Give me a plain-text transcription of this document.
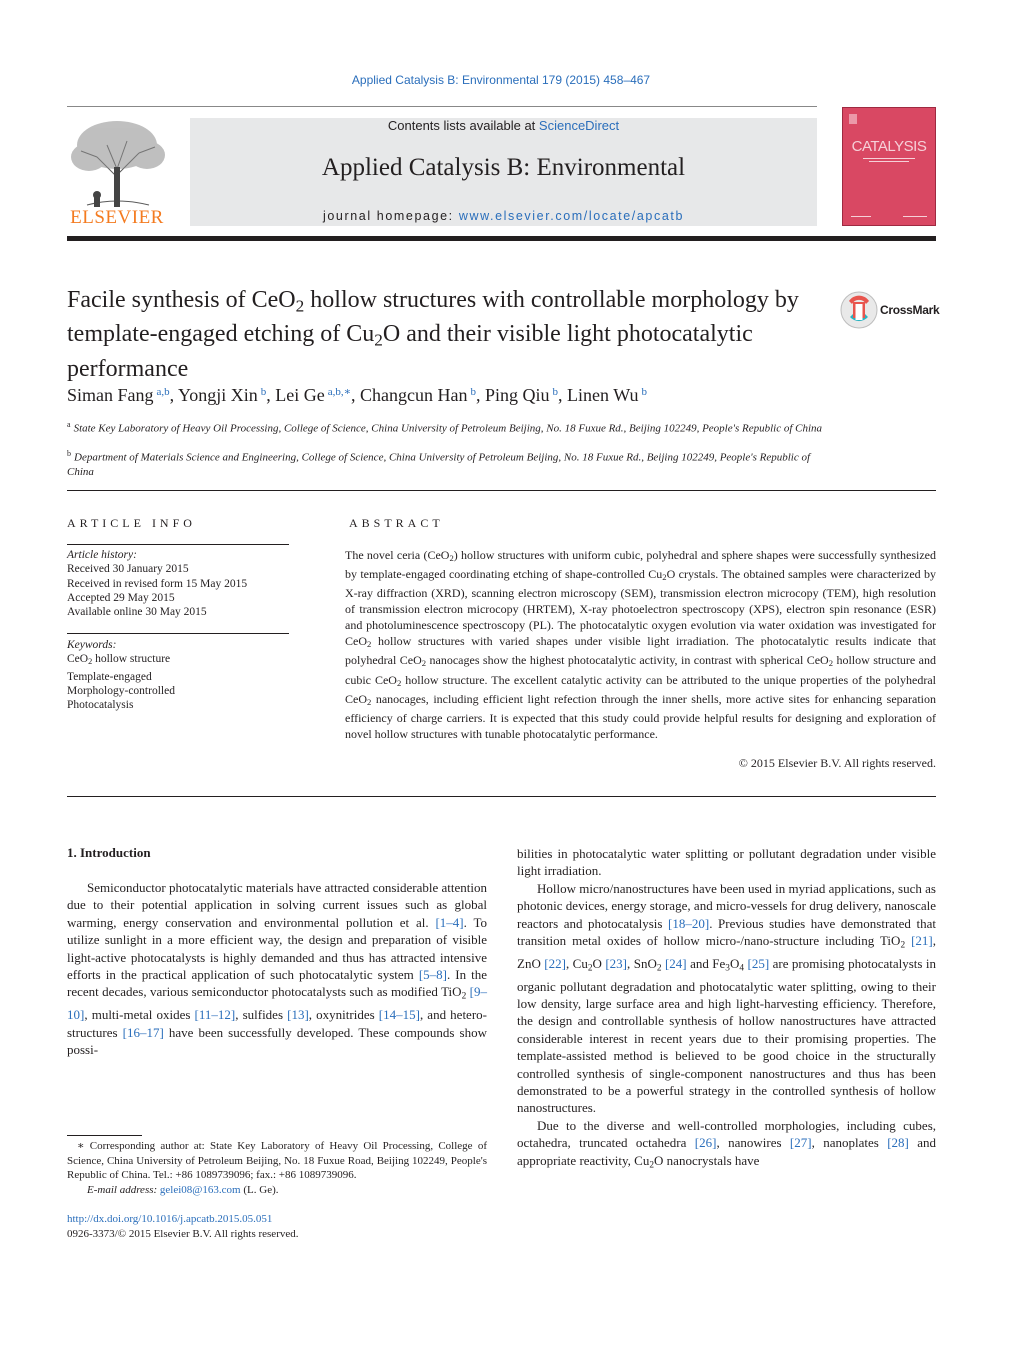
Applied Catalysis B: Environmental 179 (2015) 458–467
ELSEVIER
Contents lists available at ScienceDirect
Applied Catalysis B: Environmental
journal homepage: www.elsevier.com/locate/apcatb
CATALYSIS
Facile synthesis of CeO$_2$ hollow structures with controllable morphology by template-engaged etching of $Cu_2O$ and their visible light photocatalytic performance
CrossMark
Siman Fang $^{a,b}$, Yongji Xin $^b$, Lei Ge $^{a,b,∗}$, Changcun Han $^b$, Ping Qiu $^b$, Linen Wu $^b$
$^a$ State Key Laboratory of Heavy Oil Processing, College of Science, China University of Petroleum Beijing, No. 18 Fuxue Rd., Beijing 102249, People's Republic of China
$^b$ Department of Materials Science and Engineering, College of Science, China University of Petroleum Beijing, No. 18 Fuxue Rd., Beijing 102249, People's Republic of China
ARTICLE INFO
Article history:
Received 30 January 2015
Received in revised form 15 May 2015
Accepted 29 May 2015
Available online 30 May 2015
Keywords:
CeO$_2$ hollow structure
Template-engaged
Morphology-controlled
Photocatalysis
ABSTRACT
The novel ceria (CeO$_2$) hollow structures with uniform cubic, polyhedral and sphere shapes were successfully synthesized by template-engaged coordinating etching of shape-controlled $Cu_2O$ crystals. The obtained samples were characterized by X-ray diffraction (XRD), scanning electron microscopy (SEM), transmission electron microcopy (TEM), high resolution of transmission electron microcopy (HRTEM), X-ray photoelectron spectroscopy (XPS), electron spin resonance (ESR) and photoluminescence spectroscopy (PL). The photocatalytic oxygen evolution via water oxidation was investigated for CeO$_2$ hollow structures with varied shapes under visible light irradiation. The photocatalytic results indicate that polyhedral CeO$_2$ nanocages show the highest photocatalytic activity, in contrast with spherical CeO$_2$ hollow structure and cubic CeO$_2$ hollow structure. The excellent catalytic activity can be attributed to the unique properties of the polyhedral CeO$_2$ nanocages, including efficient light refection through the inner shells, more active sites for enhancing separation efficiency of charge carriers. It is expected that this study could provide helpful results for designing and exploration of novel hollow structures with tunable photocatalytic performance.
© 2015 Elsevier B.V. All rights reserved.
1. Introduction

Semiconductor photocatalytic materials have attracted considerable attention due to their potential application in solving current issues such as global warming, energy conservation and environmental pollution et al. [1–4]. To utilize sunlight in a more efficient way, the design and preparation of visible light-active photocatalysts is highly demanded and thus has attracted intensive efforts in the practical application of such photocatalytic system [5–8]. In the recent decades, various semiconductor photocatalysts such as modified TiO$_2$ [9–10], multi-metal oxides [11–12], sulfides [13], oxynitrides [14–15], and hetero-structures [16–17] have been successfully developed. These compounds show possi-

bilities in photocatalytic water splitting or pollutant degradation under visible light irradiation.

Hollow micro/nanostructures have been used in myriad applications, such as photonic devices, energy storage, and micro-vessels for drug delivery, nanoscale reactors and photocatalysis [18–20]. Previous studies have demonstrated that transition metal oxides of hollow micro-/nano-structure including TiO$_2$ [21], ZnO [22], $Cu_2O$ [23], SnO$_2$ [24] and $Fe_3O_4$ [25] are promising photocatalysts in organic pollutant degradation and photocatalytic water splitting, owing to their low density, large surface area and high light-harvesting efficiency. Therefore, the design and controllable synthesis of hollow nanostructures have attracted considerable interest in recent years due to their promising properties. The template-assisted method is believed to be good choice in the structurally controlled synthesis of single-component nanostructures and thus has been demonstrated to be a powerful strategy in the controlled synthesis of hollow nanostructures.

Due to the diverse and well-controlled morphologies, including cubes, octahedra, truncated octahedra [26], nanowires [27], nanoplates [28] and appropriate reactivity, $Cu_2O$ nanocrystals have

∗ Corresponding author at: State Key Laboratory of Heavy Oil Processing, College of Science, China University of Petroleum Beijing, No. 18 Fuxue Road, Beijing 102249, People's Republic of China. Tel.: +86 1089739096; fax.: +86 1089739096.
E-mail address: gelei08@163.com (L. Ge).
http://dx.doi.org/10.1016/j.apcatb.2015.05.051
0926-3373/© 2015 Elsevier B.V. All rights reserved.
